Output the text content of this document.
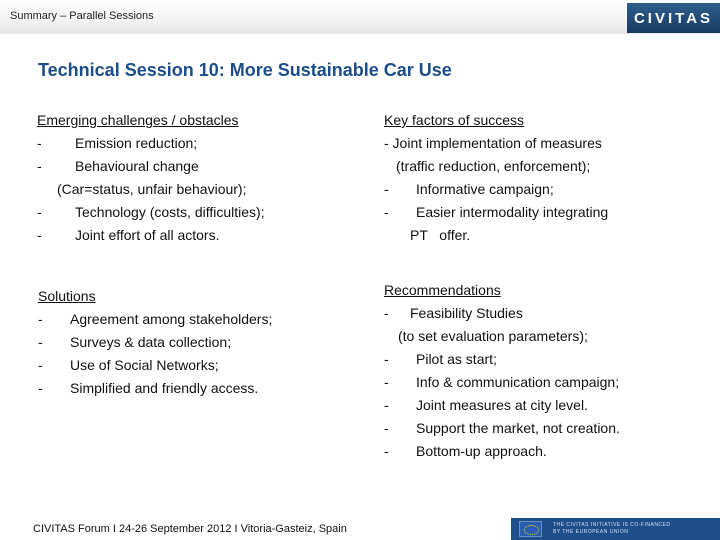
Summary – Parallel Sessions	CIVITAS
Technical Session 10: More Sustainable Car Use
Emerging challenges / obstacles
- Emission reduction;
- Behavioural change
(Car=status, unfair behaviour);
- Technology (costs, difficulties);
- Joint effort of all actors.
Key factors of success
- Joint implementation of measures
(traffic reduction, enforcement);
- Informative campaign;
- Easier intermodality integrating
PT   offer.
Solutions
- Agreement among stakeholders;
- Surveys & data collection;
- Use of Social Networks;
- Simplified and friendly access.
Recommendations
- Feasibility Studies
(to set evaluation parameters);
- Pilot as start;
- Info & communication campaign;
- Joint measures at city level.
- Support the market, not creation.
- Bottom-up approach.
CIVITAS Forum I 24-26 September 2012 I Vitoria-Gasteiz, Spain	THE CIVITAS INITIATIVE IS CO-FINANCED
BY THE EUROPEAN UNION
